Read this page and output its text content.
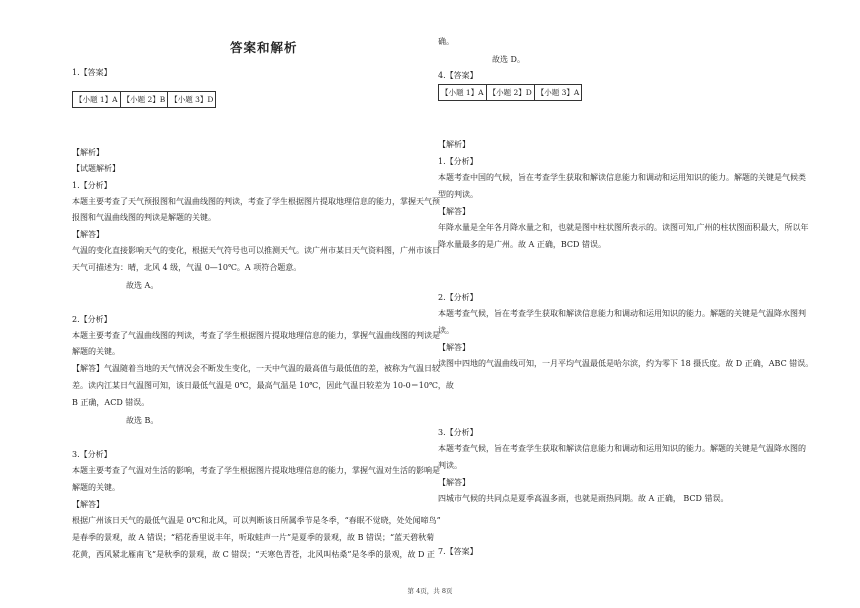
答案和解析
1.【答案】
【小题 1】A	【小题 2】B	【小题 3】D
【解析】
【试题解析】
1.【分析】
本题主要考查了天气预报图和气温曲线图的判读，考查了学生根据图片提取地理信息的能力，掌握天气预
报图和气温曲线图的判读是解题的关键。
【解答】
气温的变化直接影响天气的变化，根据天气符号也可以推测天气。读广州市某日天气资料图，广州市该日
天气可描述为：晴，北风 4 级，气温 0—10℃。A 项符合题意。
故选 A。
2.【分析】
本题主要考查了气温曲线图的判读，考查了学生根据图片提取地理信息的能力，掌握气温曲线图的判读是
解题的关键。
【解答】气温随着当地的天气情况会不断发生变化，一天中气温的最高值与最低值的差，被称为气温日较
差。读内江某日气温图可知，该日最低气温是 0℃，最高气温是 10℃，因此气温日较差为 10-0＝10℃，故
B 正确，ACD 错误。
故选 B。
3.【分析】
本题主要考查了气温对生活的影响，考查了学生根据图片提取地理信息的能力，掌握气温对生活的影响是
解题的关键。
【解答】
根据广州该日天气的最低气温是 0℃和北风，可以判断该日所属季节是冬季，“春眠不觉晓，处处闻啼鸟”
是春季的景观，故 A 错误；“稻花香里说丰年，听取蛙声一片”是夏季的景观，故 B 错误；“蓝天碧秋菊
花黄，西风紧北雁南飞”是秋季的景观，故 C 错误；“天寒色青苍，北风叫枯桑”是冬季的景观，故 D 正
确。
故选 D。
4.【答案】
【小题 1】A	【小题 2】D	【小题 3】A
【解析】
1.【分析】
本题考查中国的气候，旨在考查学生获取和解读信息能力和调动和运用知识的能力。解题的关键是气候类
型的判读。
【解答】
年降水量是全年各月降水量之和，也就是图中柱状图所表示的。读图可知,广州的柱状图面积最大，所以年
降水量最多的是广州。故 A 正确，BCD 错误。
2.【分析】
本题考查气候，旨在考查学生获取和解读信息能力和调动和运用知识的能力。解题的关键是气温降水图判
读。
【解答】
读图中四地的气温曲线可知，一月平均气温最低是哈尔滨，约为零下 18 摄氏度。故 D 正确，ABC 错误。
3.【分析】
本题考查气候，旨在考查学生获取和解读信息能力和调动和运用知识的能力。解题的关键是气温降水图的
判读。
【解答】
四城市气候的共同点是夏季高温多雨，也就是雨热同期。故 A 正确， BCD 错误。
7.【答案】
第 4页，共 8页
